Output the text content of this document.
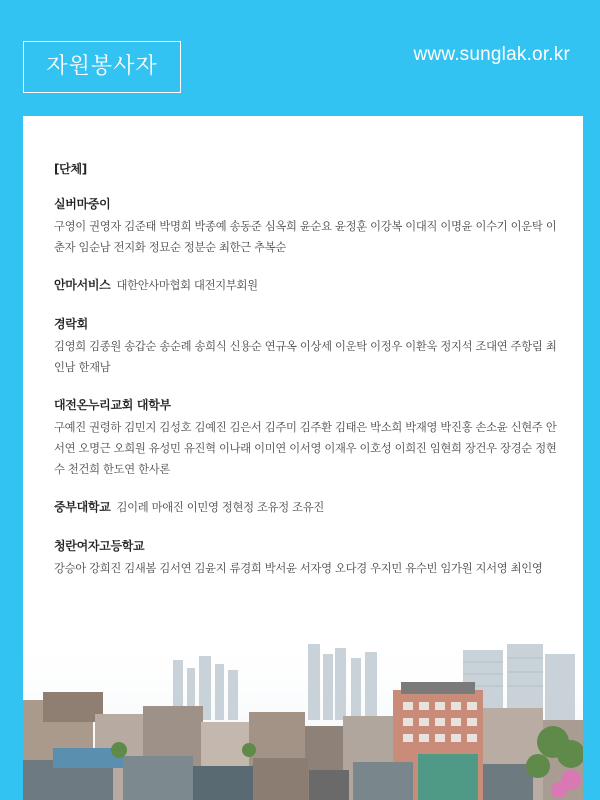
자원봉사자	www.sunglak.or.kr
[단체]
실버마중이
구영이 권영자 김준태 박명희 박종예 송동준 심옥희 윤순요 윤정훈 이강복 이대직 이명윤 이수기 이운탁 이춘자 임순남 전지화 정묘순 정분순 최한근 추복순
안마서비스 대한안사마협회 대전지부회원
경락회
김영희 김종원 송갑순 송순례 송희식 신용순 연규옥 이상세 이운탁 이정우 이환욱 정지석 조대연 주항림 최인남 한재남
대전온누리교회 대학부
구예진 권령하 김민지 김성호 김예진 김은서 김주미 김주환 김태은 박소희 박재영 박진홍 손소윤 신현주 안서연 오명근 오희원 유성민 유진혁 이나래 이미연 이서영 이재우 이호성 이희진 임현희 장건우 장경순 정현수 천건희 한도연 한사론
중부대학교 김이레 마애진 이민영 정현정 조유정 조유진
청란여자고등학교
강승아 강희진 김새봄 김서연 김윤지 류경희 박서윤 서자영 오다경 우지민 유수빈 임가원 지서영 최인영
